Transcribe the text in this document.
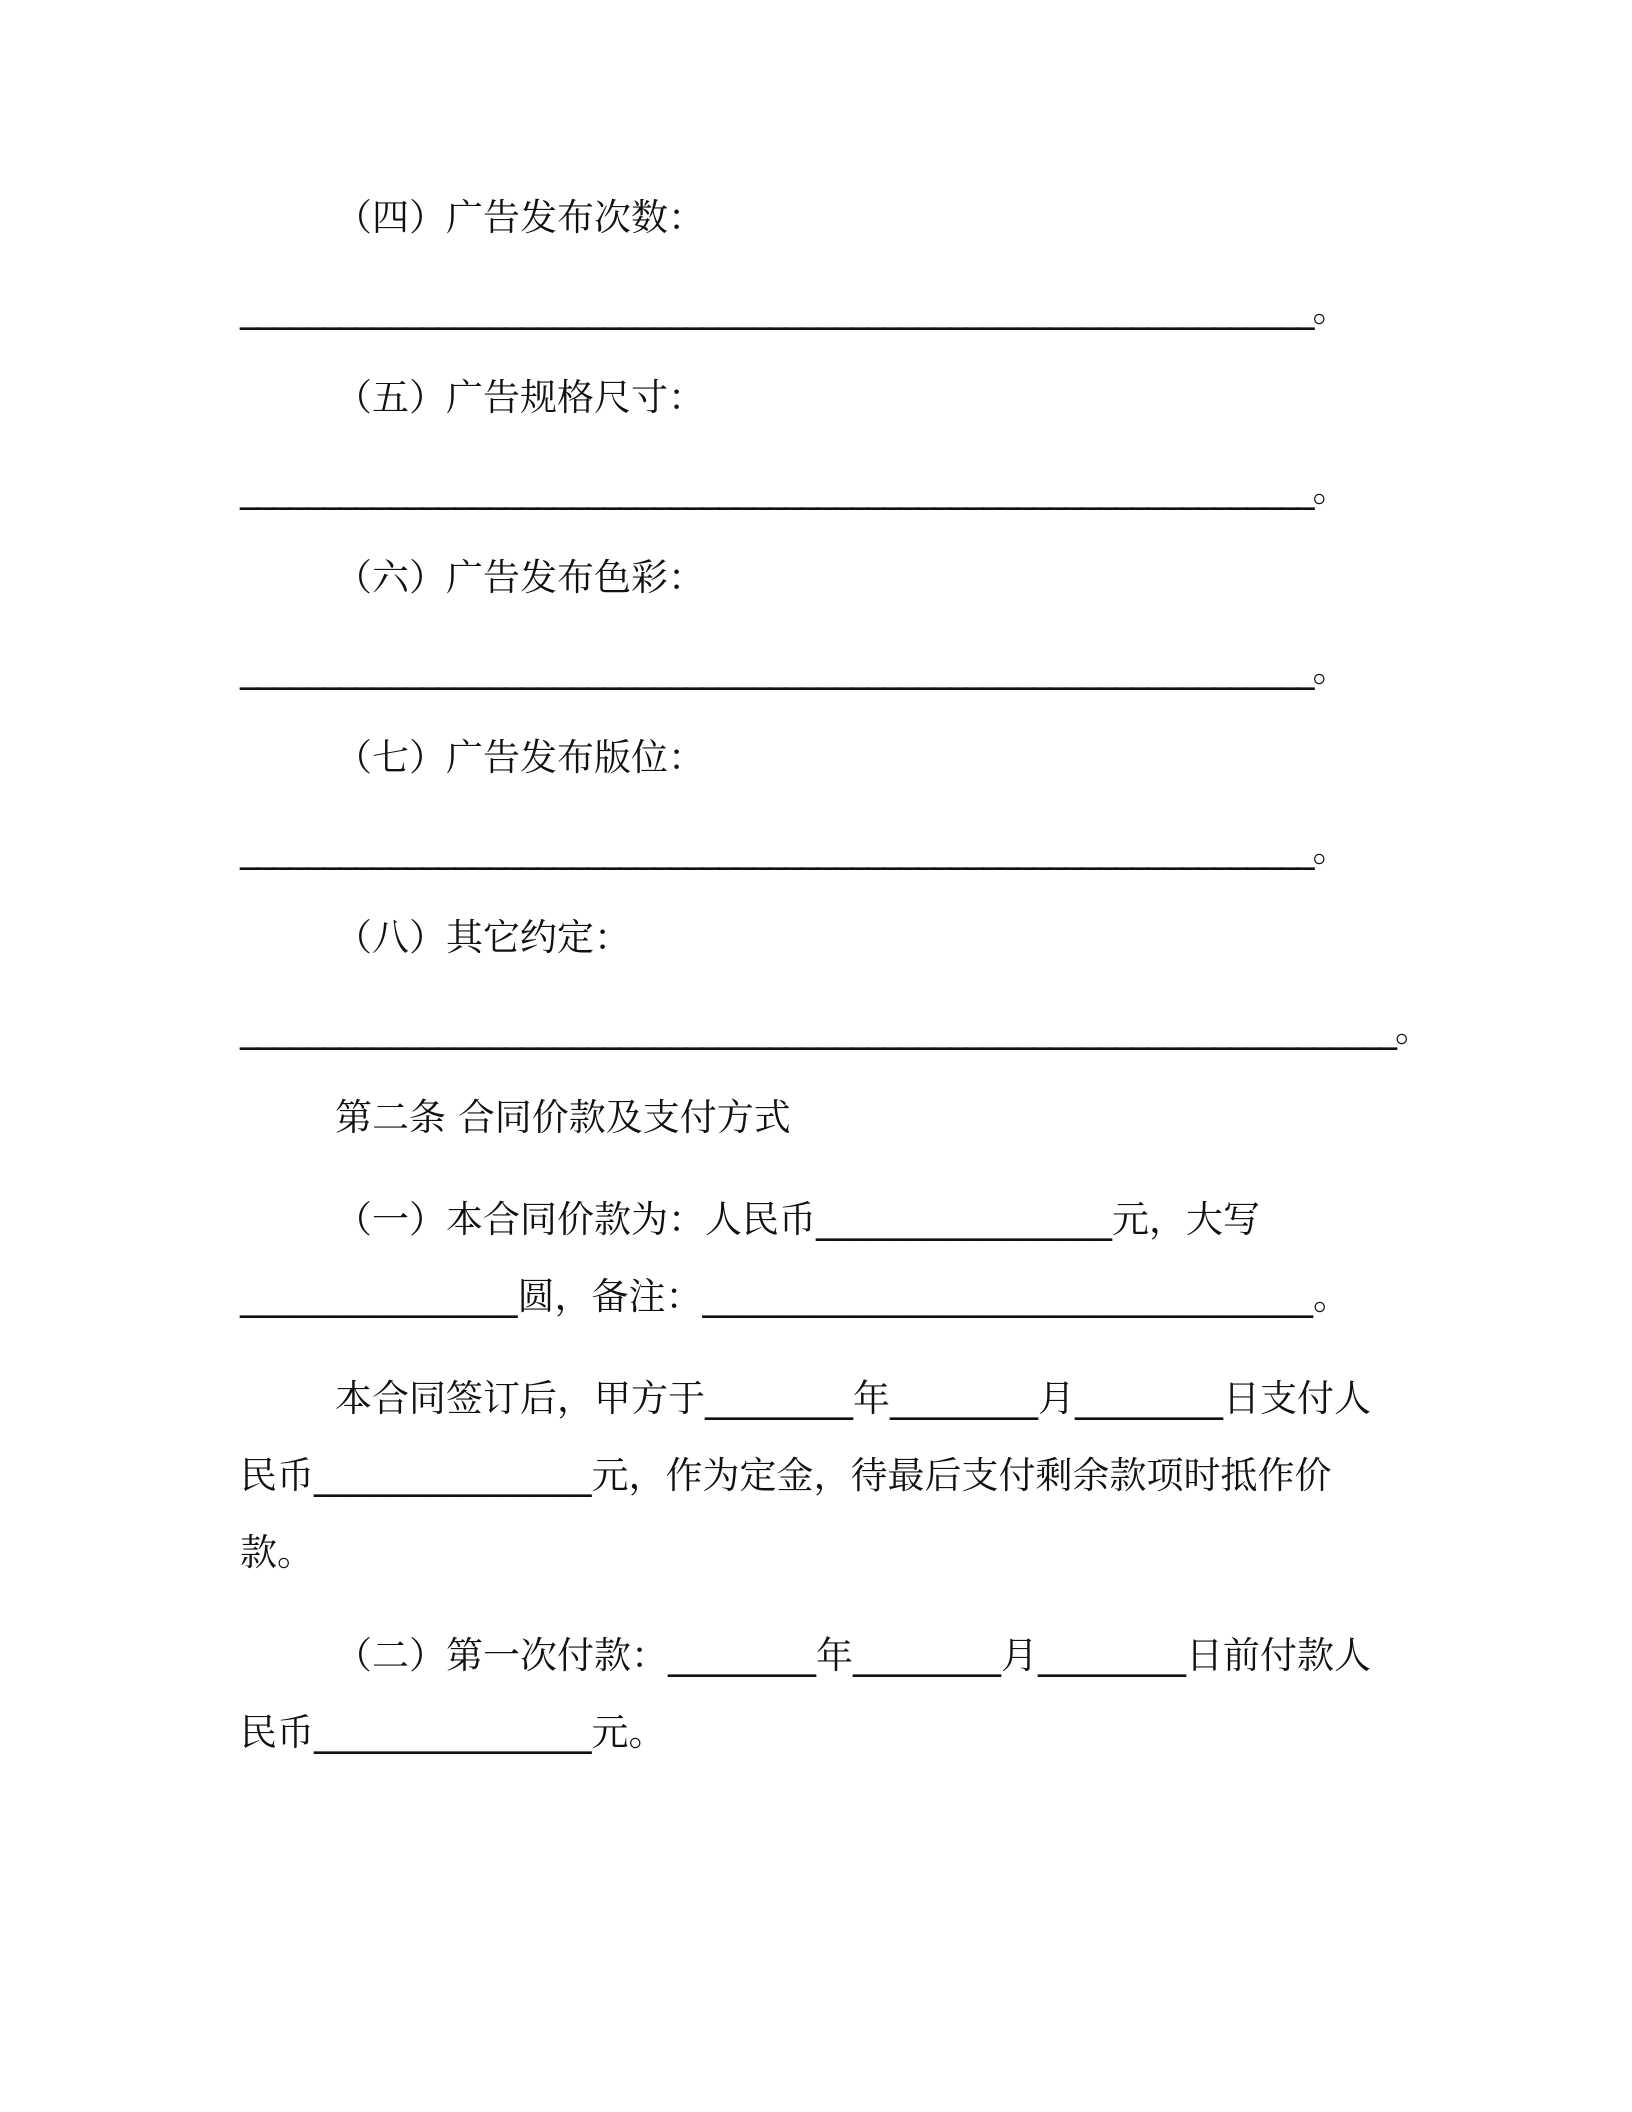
（四）广告发布次数：
_________________________________________________________________。
（五）广告规格尺寸：
_________________________________________________________________。
（六）广告发布色彩：
_________________________________________________________________。
（七）广告发布版位：
_________________________________________________________________。
（八）其它约定：
______________________________________________________________________。
第二条 合同价款及支付方式
（一）本合同价款为：人民币________________元，大写
_______________圆，备注：_________________________________。
本合同签订后，甲方于________年________月________日支付人
民币_______________元，作为定金，待最后支付剩余款项时抵作价
款。
（二）第一次付款：________年________月________日前付款人
民币_______________元。
